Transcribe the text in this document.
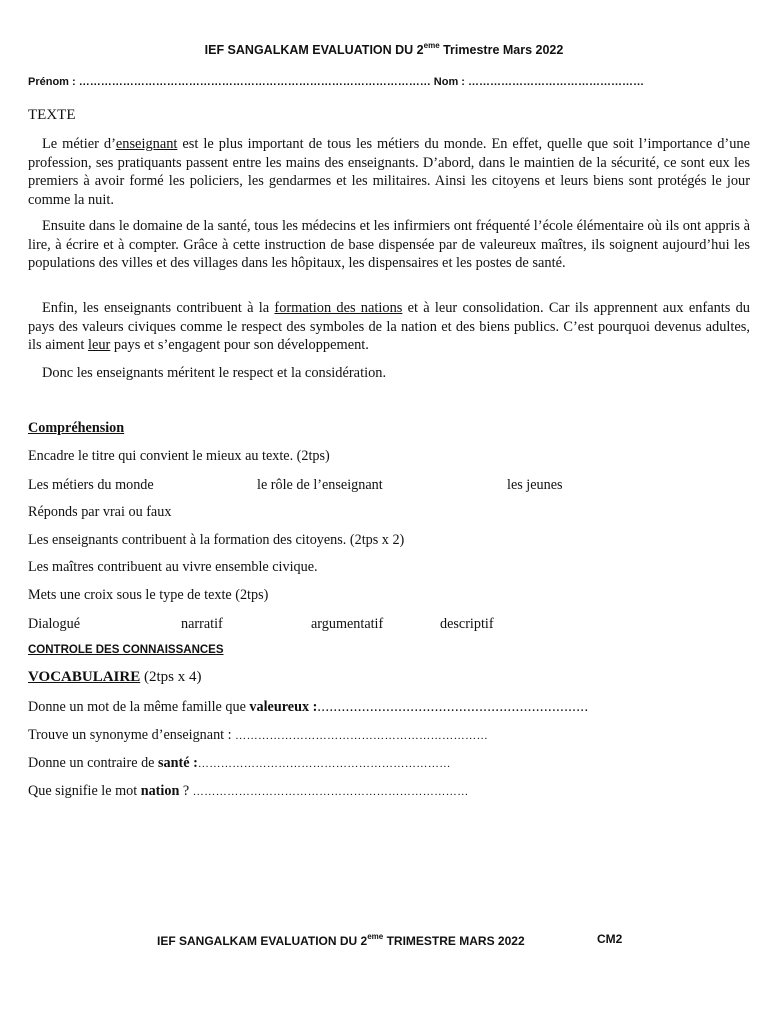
IEF SANGALKAM EVALUATION DU 2eme Trimestre Mars 2022
Prénom : …………………………………………………………………………………… Nom : …………………………………………
TEXTE

Le métier d’enseignant est le plus important de tous les métiers du monde. En effet, quelle que soit l’importance d’une profession, ses pratiquants passent entre les mains des enseignants. D’abord, dans le maintien de la sécurité, ce sont eux les premiers à avoir formé les policiers, les gendarmes et les militaires. Ainsi les citoyens et leurs biens sont protégés le jour comme la nuit.

Ensuite dans le domaine de la santé, tous les médecins et les infirmiers ont fréquenté l’école élémentaire où ils ont appris à lire, à écrire et à compter. Grâce à cette instruction de base dispensée par de valeureux maîtres, ils soignent aujourd’hui les populations des villes et des villages dans les hôpitaux, les dispensaires et les postes de santé.

Enfin, les enseignants contribuent à la formation des nations et à leur consolidation. Car ils apprennent aux enfants du pays des valeurs civiques comme le respect des symboles de la nation et des biens publics. C’est pourquoi devenus adultes, ils aiment leur pays et s’engagent pour son développement.

Donc les enseignants méritent le respect et la considération.

Compréhension
Encadre le titre qui convient le mieux au texte. (2tps)
Les métiers du monde	le rôle de l’enseignant	les jeunes
Réponds par vrai ou faux
Les enseignants contribuent à la formation des citoyens. (2tps x 2)
Les maîtres contribuent au vivre ensemble civique.
Mets une croix sous le type de texte (2tps)
Dialogué	narratif	argumentatif	descriptif
CONTROLE DES CONNAISSANCES
VOCABULAIRE (2tps x 4)
Donne un mot de la même famille que valeureux :...................................................................
Trouve un synonyme d’enseignant : …………………………………………………………
Donne un contraire de santé :…………………………………………………………
Que signifie le mot nation ? ………………………………………………………………
IEF SANGALKAM EVALUATION DU 2eme TRIMESTRE MARS 2022	CM2
